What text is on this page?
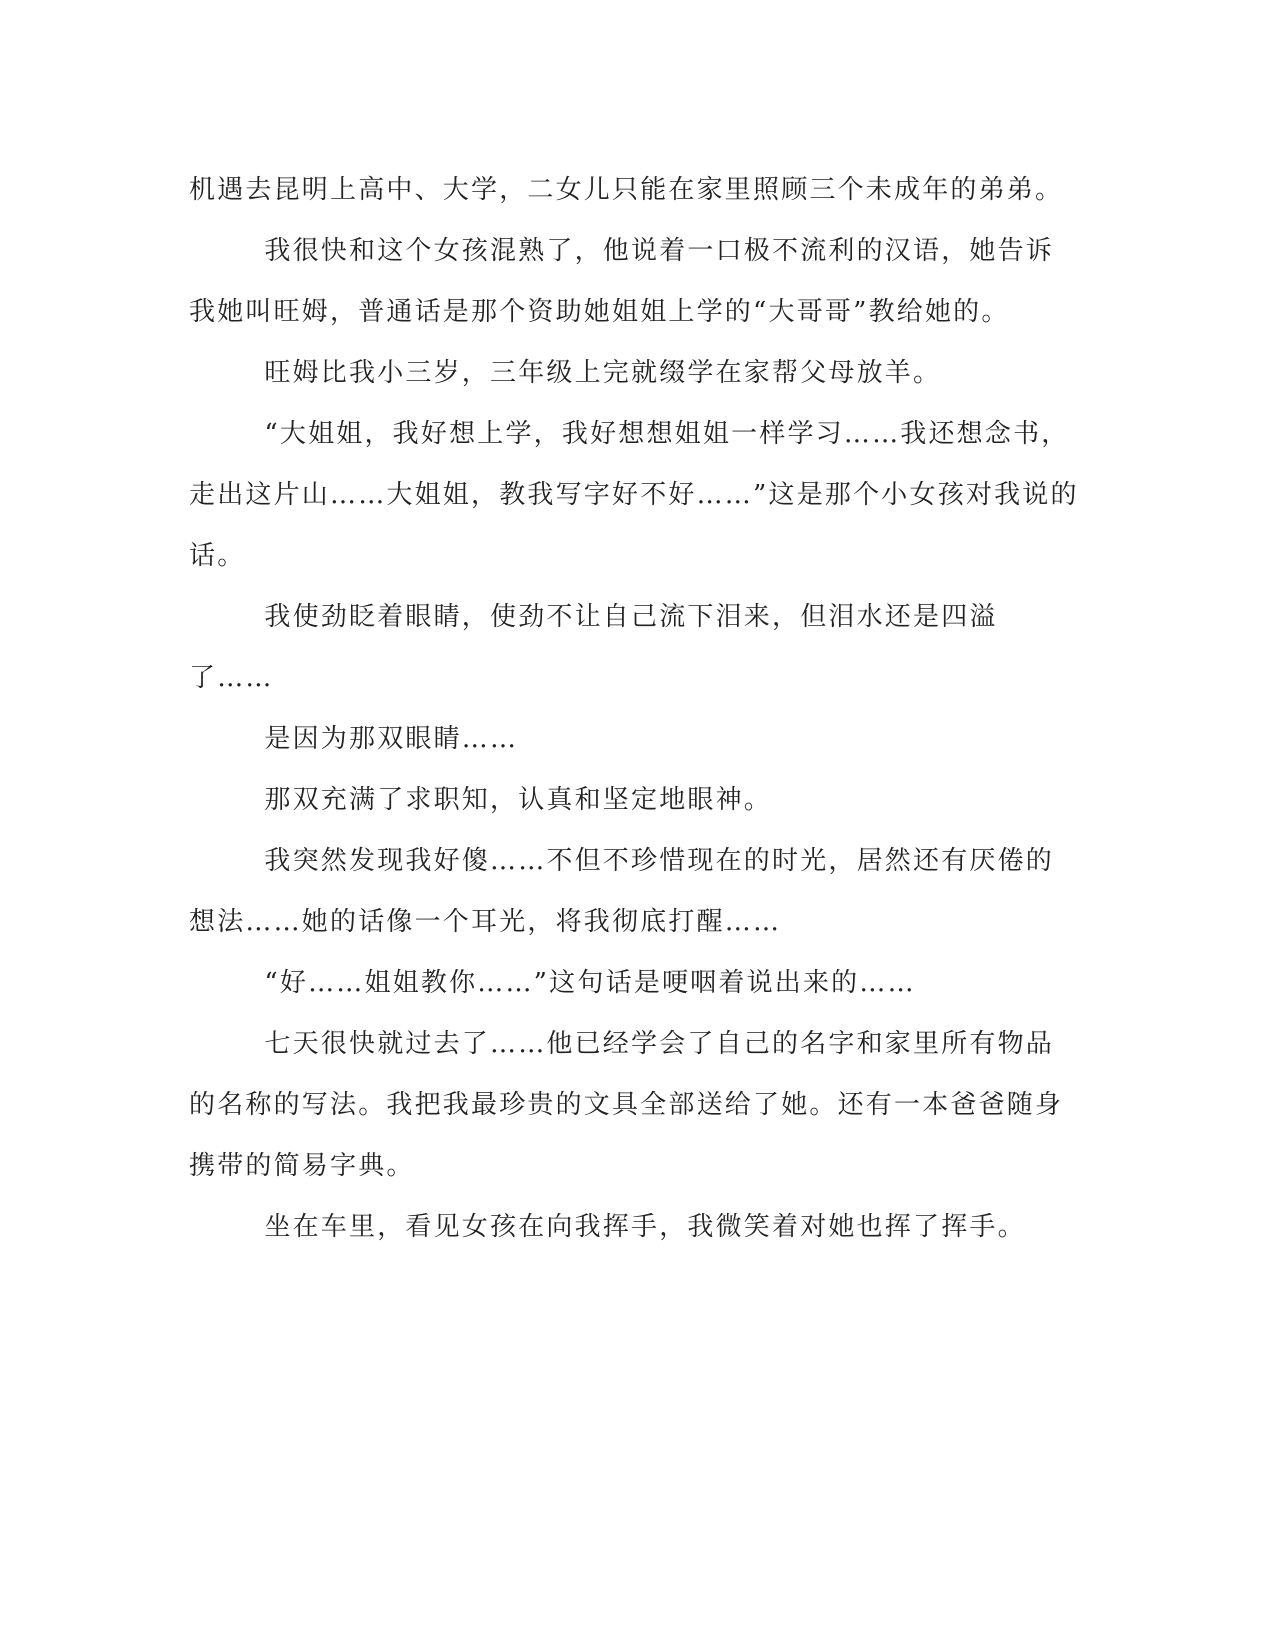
机遇去昆明上高中、大学，二女儿只能在家里照顾三个未成年的弟弟。

我很快和这个女孩混熟了，他说着一口极不流利的汉语，她告诉我她叫旺姆，普通话是那个资助她姐姐上学的“大哥哥”教给她的。

旺姆比我小三岁，三年级上完就缀学在家帮父母放羊。

“大姐姐，我好想上学，我好想想姐姐一样学习……我还想念书，走出这片山……大姐姐，教我写字好不好……”这是那个小女孩对我说的话。

我使劲眨着眼睛，使劲不让自己流下泪来，但泪水还是四溢了……

是因为那双眼睛……

那双充满了求职知，认真和坚定地眼神。

我突然发现我好傻……不但不珍惜现在的时光，居然还有厌倦的想法……她的话像一个耳光，将我彻底打醒……

“好……姐姐教你……”这句话是哽咽着说出来的……

七天很快就过去了……他已经学会了自己的名字和家里所有物品的名称的写法。我把我最珍贵的文具全部送给了她。还有一本爸爸随身携带的简易字典。

坐在车里，看见女孩在向我挥手，我微笑着对她也挥了挥手。
